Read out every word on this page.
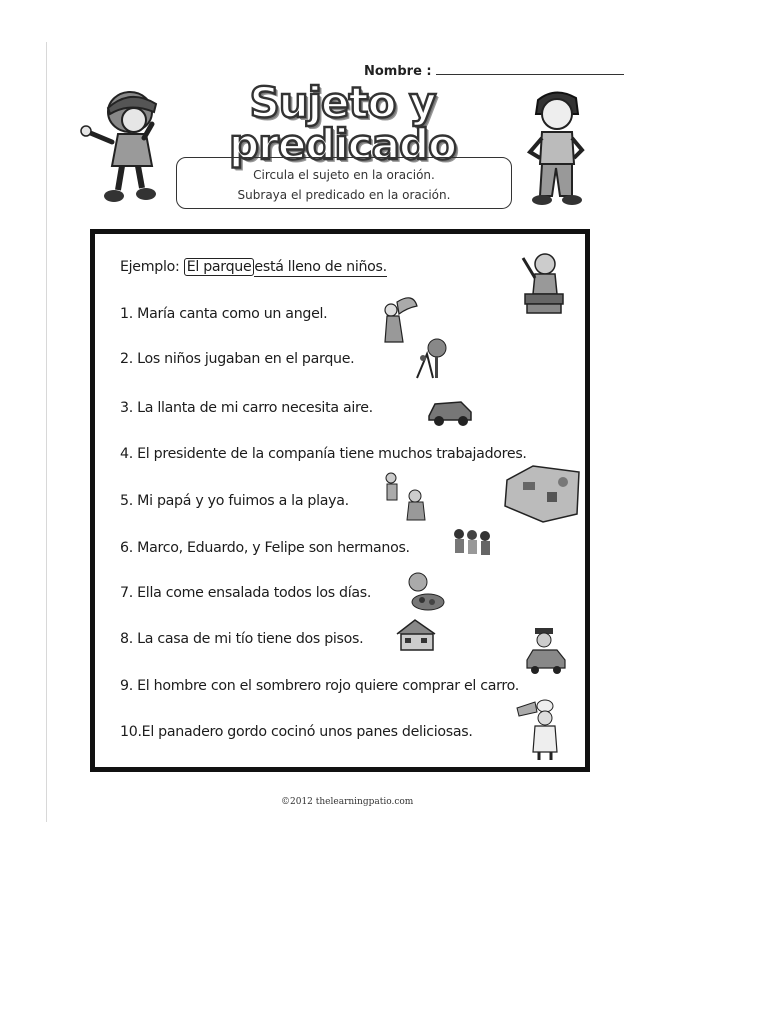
Nombre :
Sujeto y predicado
Circula el sujeto en la oración.
Subraya el predicado en la oración.
Ejemplo: El parque está lleno de niños.
1. María canta como un angel.
2. Los niños jugaban en el parque.
3. La llanta de mi carro necesita aire.
4. El presidente de la companía tiene muchos trabajadores.
5. Mi papá y yo fuimos a la playa.
6. Marco, Eduardo, y Felipe son hermanos.
7. Ella come ensalada todos los días.
8. La casa de mi tío tiene dos pisos.
9. El hombre con el sombrero rojo quiere comprar el carro.
10.El panadero gordo cocinó unos panes deliciosas.
©2012 thelearningpatio.com
